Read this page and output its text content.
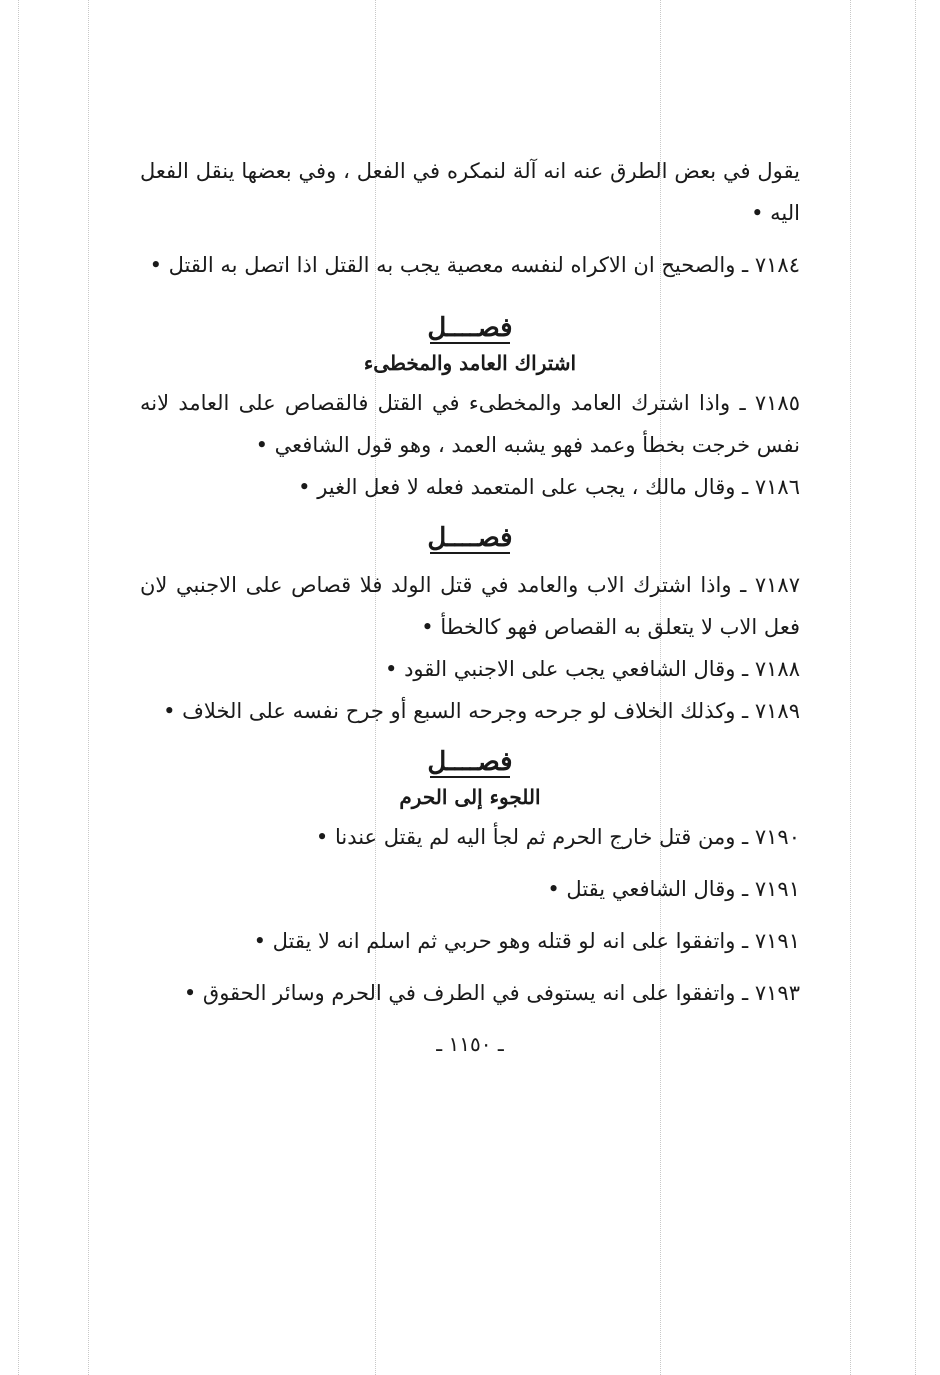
يقول في بعض الطرق عنه انه آلة لنمكره في الفعل ، وفي بعضها ينقل الفعل اليه •

٧١٨٤ ـ والصحيح ان الاكراه لنفسه معصية يجب به القتل اذا اتصل به القتل •

فصــــل

اشتراك العامد والمخطىء

٧١٨٥ ـ واذا اشترك العامد والمخطىء في القتل فالقصاص على العامد لانه نفس خرجت بخطأ وعمد فهو يشبه العمد ، وهو قول الشافعي •

٧١٨٦ ـ وقال مالك ، يجب على المتعمد فعله لا فعل الغير •

فصــــل

٧١٨٧ ـ واذا اشترك الاب والعامد في قتل الولد فلا قصاص على الاجنبي لان فعل الاب لا يتعلق به القصاص فهو كالخطأ •

٧١٨٨ ـ وقال الشافعي يجب على الاجنبي القود •

٧١٨٩ ـ وكذلك الخلاف لو جرحه وجرحه السبع أو جرح نفسه على الخلاف •

فصــــل

اللجوء إلى الحرم

٧١٩٠ ـ ومن قتل خارج الحرم ثم لجأ اليه لم يقتل عندنا •

٧١٩١ ـ وقال الشافعي يقتل •

٧١٩١ ـ واتفقوا على انه لو قتله وهو حربي ثم اسلم انه لا يقتل •

٧١٩٣ ـ واتفقوا على انه يستوفى في الطرف في الحرم وسائر الحقوق •

ـ ١١٥٠ ـ
